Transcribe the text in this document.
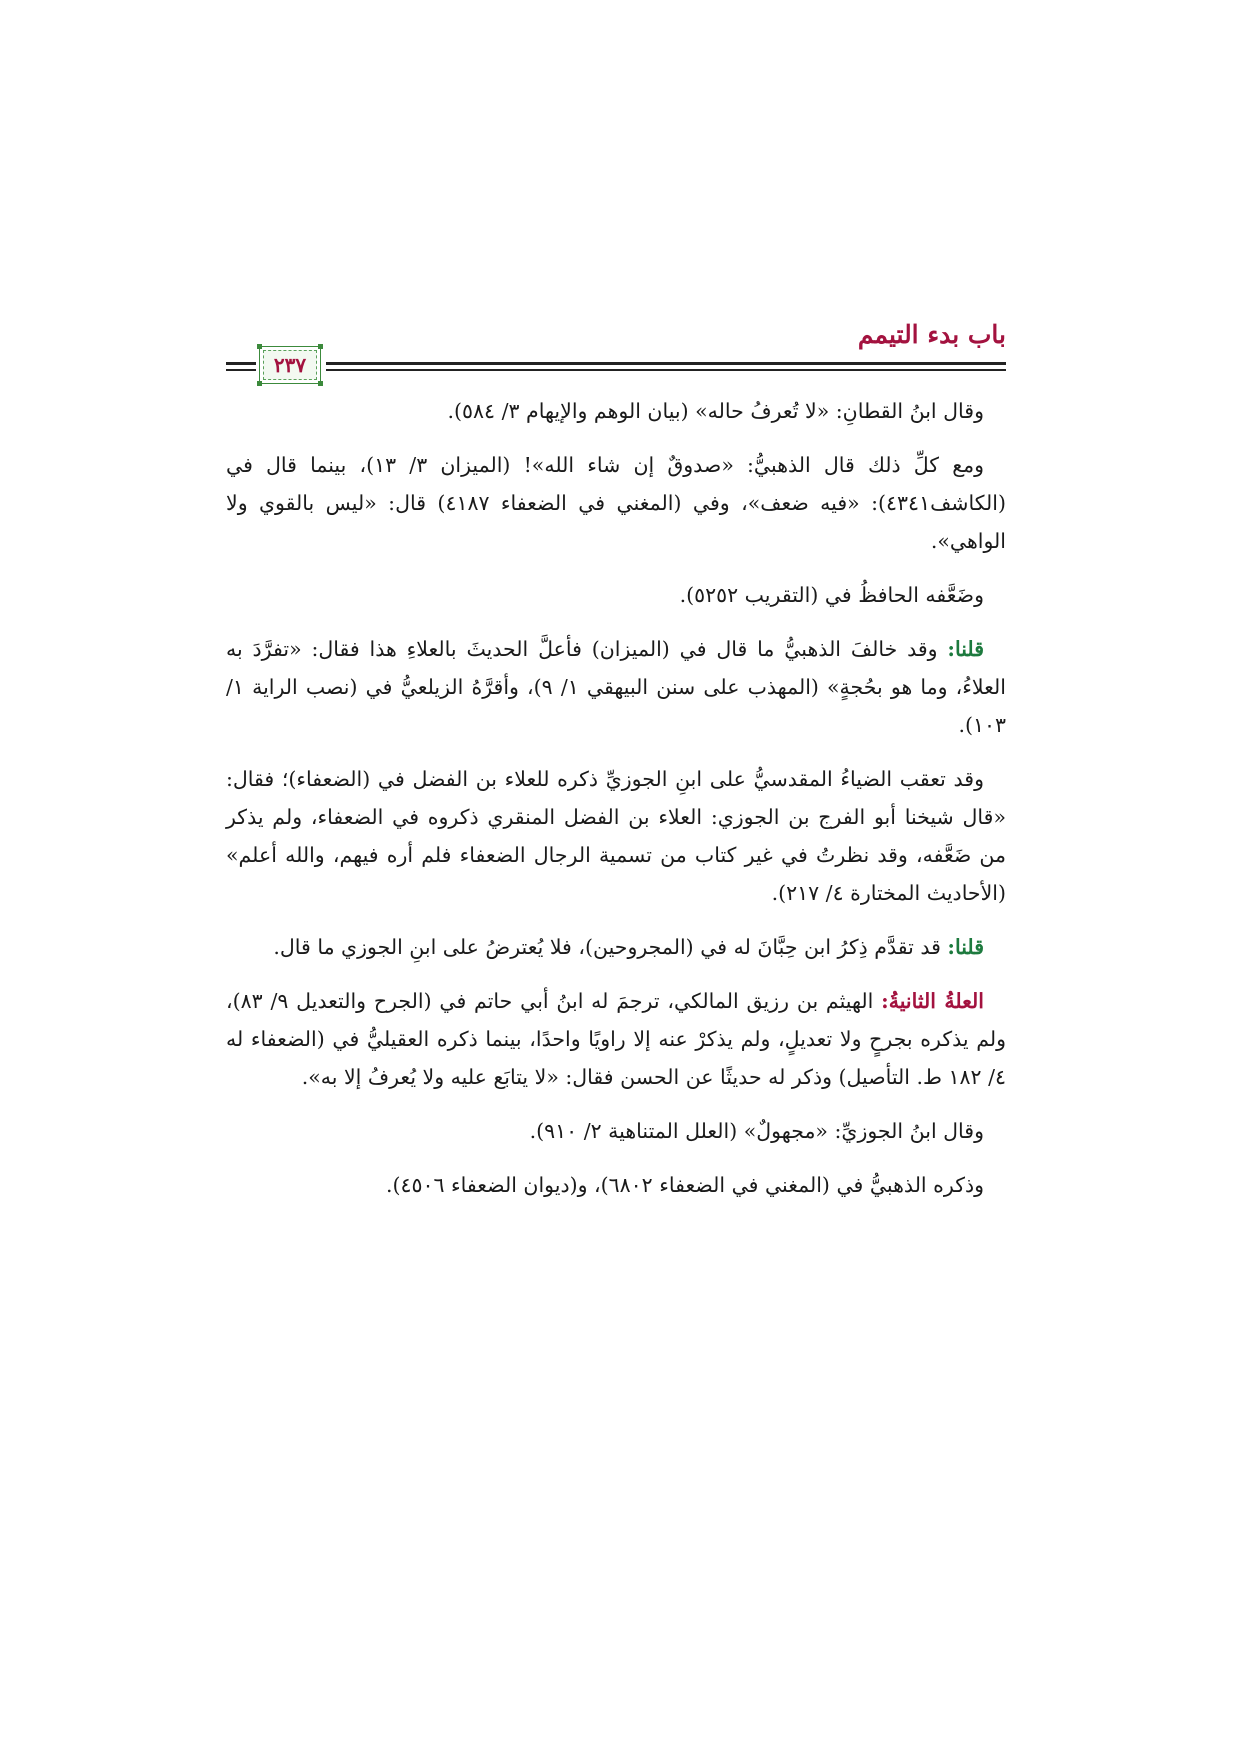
باب بدء التيمم
٢٣٧

وقال ابنُ القطانِ: «لا تُعرفُ حاله» (بيان الوهم والإيهام ٣/ ٥٨٤).

ومع كلِّ ذلك قال الذهبيُّ: «صدوقٌ إن شاء الله»! (الميزان ٣/ ١٣)، بينما قال في (الكاشف٤٣٤١): «فيه ضعف»، وفي (المغني في الضعفاء ٤١٨٧) قال: «ليس بالقوي ولا الواهي».

وضَعَّفه الحافظُ في (التقريب ٥٢٥٢).

قلنا: وقد خالفَ الذهبيُّ ما قال في (الميزان) فأعلَّ الحديثَ بالعلاءِ هذا فقال: «تفرَّدَ به العلاءُ، وما هو بحُجةٍ» (المهذب على سنن البيهقي ١/ ٩)، وأقرَّهُ الزيلعيُّ في (نصب الراية ١/ ١٠٣).

وقد تعقب الضياءُ المقدسيُّ على ابنِ الجوزيِّ ذكره للعلاء بن الفضل في (الضعفاء)؛ فقال: «قال شيخنا أبو الفرج بن الجوزي: العلاء بن الفضل المنقري ذكروه في الضعفاء، ولم يذكر من ضَعَّفه، وقد نظرتُ في غير كتاب من تسمية الرجال الضعفاء فلم أره فيهم، والله أعلم» (الأحاديث المختارة ٤/ ٢١٧).

قلنا: قد تقدَّم ذِكرُ ابن حِبَّانَ له في (المجروحين)، فلا يُعترضُ على ابنِ الجوزي ما قال.

العلةُ الثانيةُ: الهيثم بن رزيق المالكي، ترجمَ له ابنُ أبي حاتم في (الجرح والتعديل ٩/ ٨٣)، ولم يذكره بجرحٍ ولا تعديلٍ، ولم يذكرْ عنه إلا راويًا واحدًا، بينما ذكره العقيليُّ في (الضعفاء له ٤/ ١٨٢ ط. التأصيل) وذكر له حديثًا عن الحسن فقال: «لا يتابَع عليه ولا يُعرفُ إلا به».

وقال ابنُ الجوزيِّ: «مجهولٌ» (العلل المتناهية ٢/ ٩١٠).

وذكره الذهبيُّ في (المغني في الضعفاء ٦٨٠٢)، و(ديوان الضعفاء ٤٥٠٦).
